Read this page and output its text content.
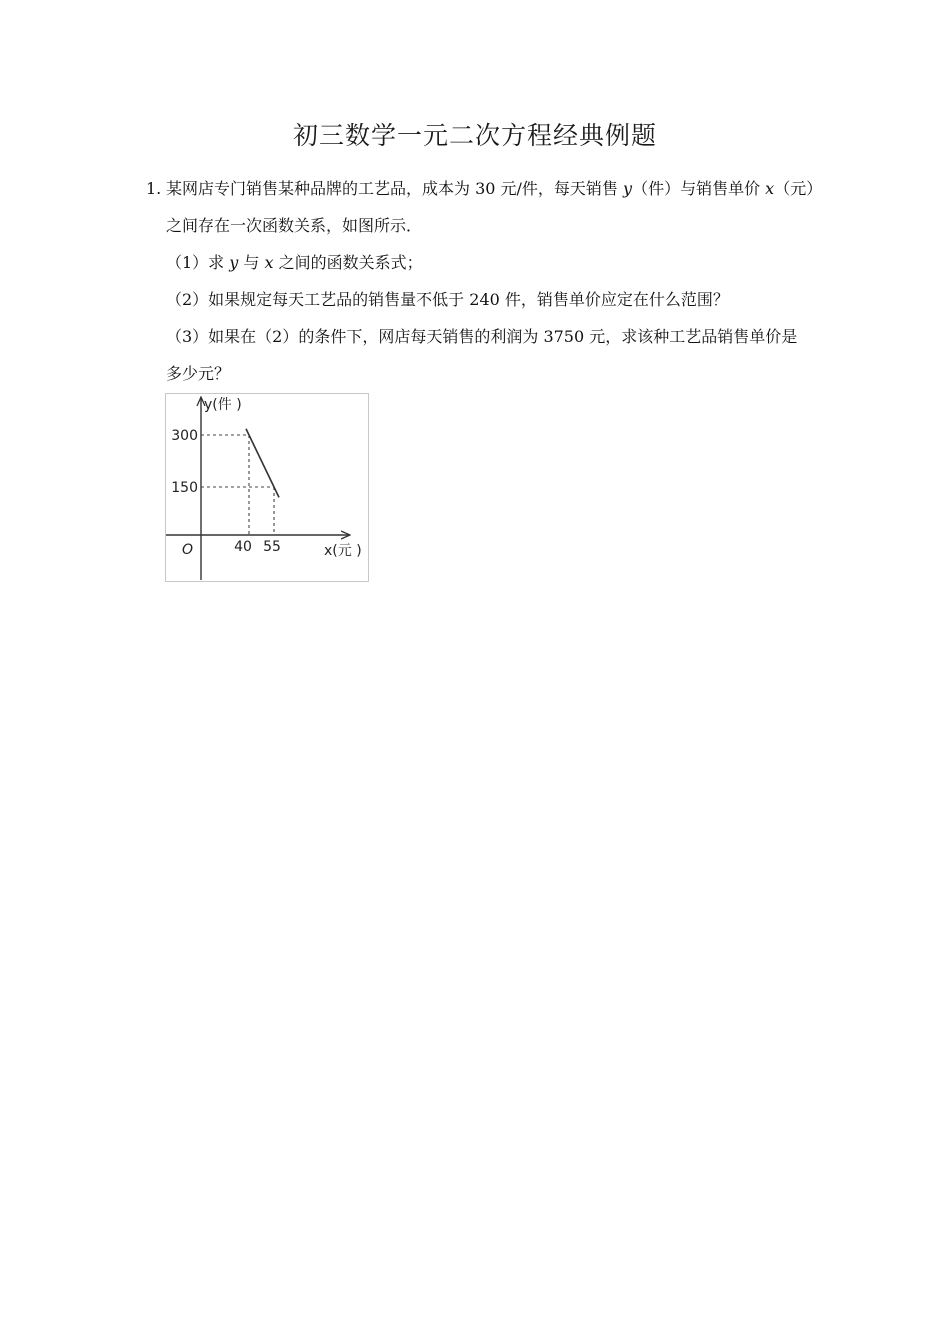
初三数学一元二次方程经典例题
1. 某网店专门销售某种品牌的工艺品，成本为 30 元/件，每天销售 y（件）与销售单价 x（元）
之间存在一次函数关系，如图所示．
（1）求 y 与 x 之间的函数关系式；
（2）如果规定每天工艺品的销售量不低于 240 件，销售单价应定在什么范围？
（3）如果在（2）的条件下，网店每天销售的利润为 3750 元，求该种工艺品销售单价是
多少元？
y(件 )
x(元 )
O
300
150
40 55
